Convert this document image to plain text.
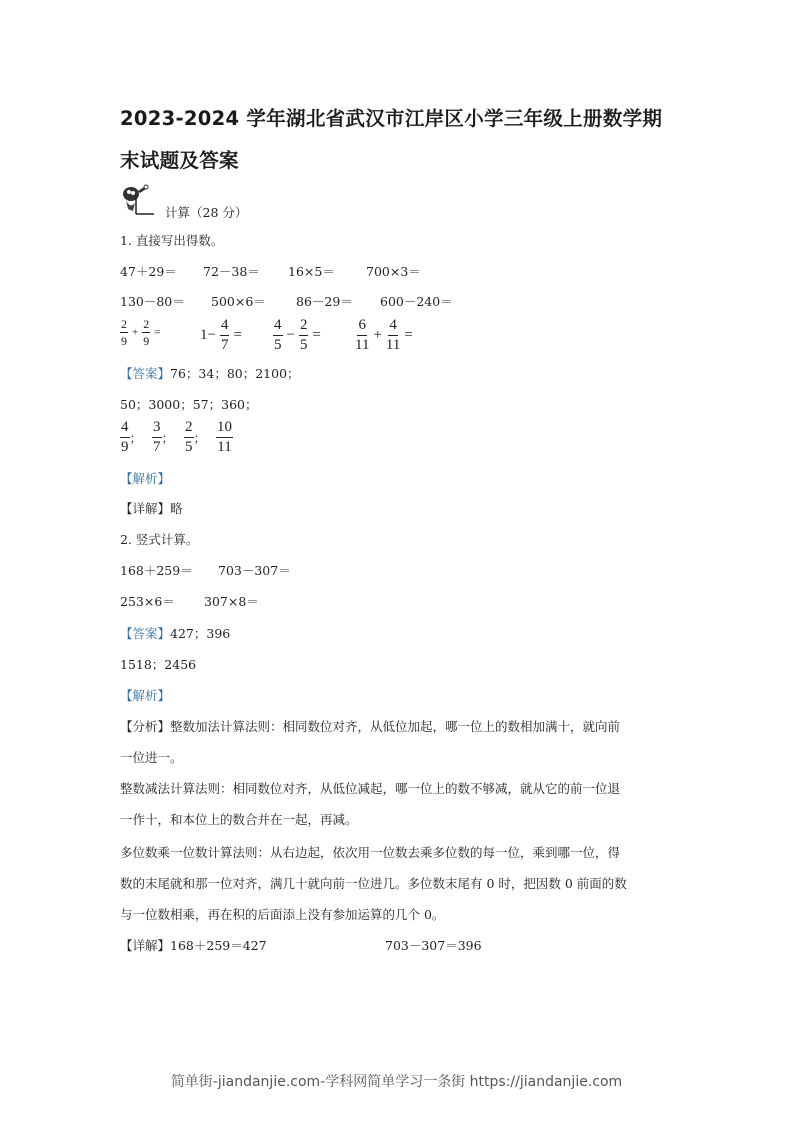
2023-2024 学年湖北省武汉市江岸区小学三年级上册数学期
末试题及答案
计算（28 分）
1. 直接写出得数。
47＋29＝ 72－38＝ 16×5＝ 700×3＝
130－80＝ 500×6＝ 86－29＝ 600－240＝
$\frac{2}{9} + \frac{2}{9}$ =	$1- \frac{4}{7} = \frac{4}{5} - \frac{2}{5} = \frac{6}{11} + \frac{4}{11}$ =
【答案】76；34；80；2100；
50；3000；57；360；
$\frac{4}{9}$ ； $\frac{3}{7}$ ； $\frac{2}{5}$ ； $\frac{10}{11}$
【解析】
【详解】略
2. 竖式计算。
168＋259＝ 703－307＝
253×6＝ 307×8＝
【答案】427；396
1518；2456
【解析】
【分析】整数加法计算法则：相同数位对齐，从低位加起，哪一位上的数相加满十，就向前
一位进一。
整数减法计算法则：相同数位对齐，从低位减起，哪一位上的数不够减，就从它的前一位退
一作十，和本位上的数合并在一起，再减。
多位数乘一位数计算法则：从右边起，依次用一位数去乘多位数的每一位，乘到哪一位，得
数的末尾就和那一位对齐，满几十就向前一位进几。多位数末尾有 0 时，把因数 0 前面的数
与一位数相乘，再在积的后面添上没有参加运算的几个 0。
【详解】168＋259＝427	703－307＝396
简单街-jiandanjie.com-学科网简单学习一条街 https://jiandanjie.com
